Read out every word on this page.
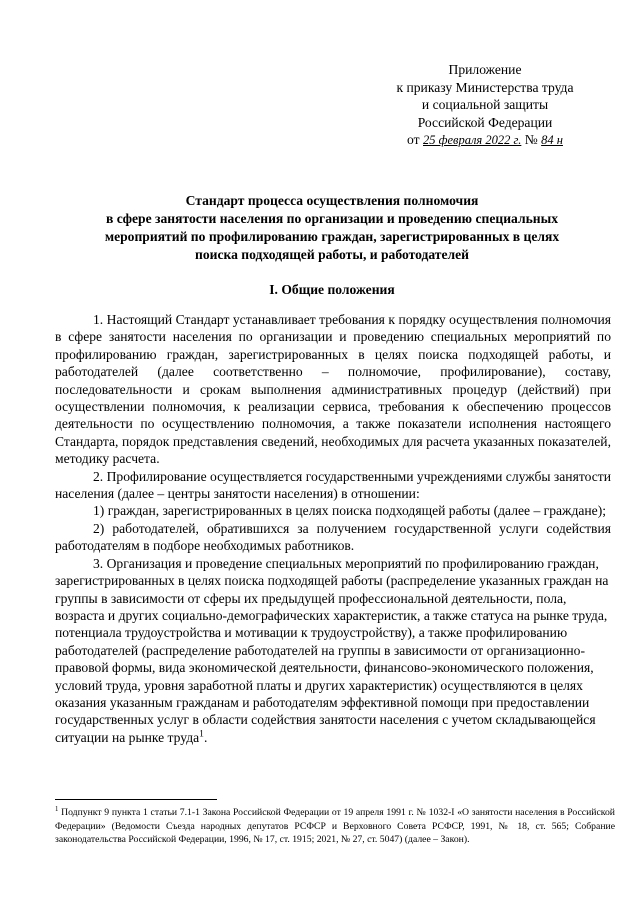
Приложение
к приказу Министерства труда
и социальной защиты
Российской Федерации
от 25 февраля 2022 г. № 84 н
Стандарт процесса осуществления полномочия
в сфере занятости населения по организации и проведению специальных
мероприятий по профилированию граждан, зарегистрированных в целях
поиска подходящей работы, и работодателей
I. Общие положения

1. Настоящий Стандарт устанавливает требования к порядку осуществления полномочия в сфере занятости населения по организации и проведению специальных мероприятий по профилированию граждан, зарегистрированных в целях поиска подходящей работы, и работодателей (далее соответственно – полномочие, профилирование), составу, последовательности и срокам выполнения административных процедур (действий) при осуществлении полномочия, к реализации сервиса, требования к обеспечению процессов деятельности по осуществлению полномочия, а также показатели исполнения настоящего Стандарта, порядок представления сведений, необходимых для расчета указанных показателей, методику расчета.

2. Профилирование осуществляется государственными учреждениями службы занятости населения (далее – центры занятости населения) в отношении:

1) граждан, зарегистрированных в целях поиска подходящей работы (далее – граждане);

2) работодателей, обратившихся за получением государственной услуги содействия работодателям в подборе необходимых работников.

3. Организация и проведение специальных мероприятий по профилированию граждан, зарегистрированных в целях поиска подходящей работы (распределение указанных граждан на группы в зависимости от сферы их предыдущей профессиональной деятельности, пола, возраста и других социально-демографических характеристик, а также статуса на рынке труда, потенциала трудоустройства и мотивации к трудоустройству), а также профилированию работодателей (распределение работодателей на группы в зависимости от организационно-правовой формы, вида экономической деятельности, финансово-экономического положения, условий труда, уровня заработной платы и других характеристик) осуществляются в целях оказания указанным гражданам и работодателям эффективной помощи при предоставлении государственных услуг в области содействия занятости населения с учетом складывающейся ситуации на рынке труда$^1$.

$^1$ Подпункт 9 пункта 1 статьи 7.1-1 Закона Российской Федерации от 19 апреля 1991 г. № 1032-I «О занятости населения в Российской Федерации» (Ведомости Съезда народных депутатов РСФСР и Верховного Совета РСФСР, 1991, № 18, ст. 565; Собрание законодательства Российской Федерации, 1996, № 17, ст. 1915; 2021, № 27, ст. 5047) (далее – Закон).
